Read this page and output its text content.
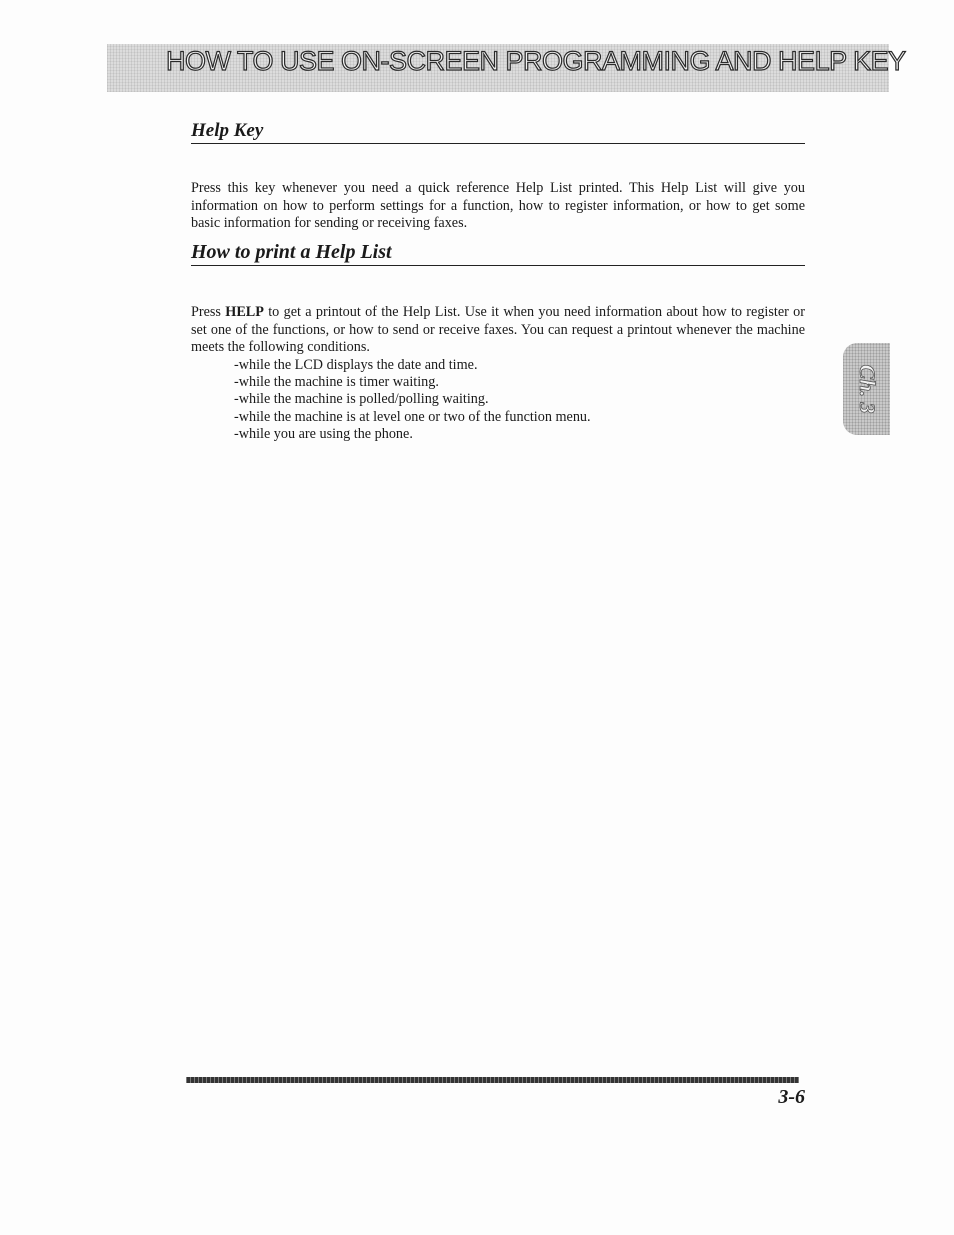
HOW TO USE ON-SCREEN PROGRAMMING AND HELP KEY
Help Key

Press this key whenever you need a quick reference Help List printed. This Help List will give you information on how to perform settings for a function, how to register information, or how to get some basic information for sending or receiving faxes.

How to print a Help List

Press HELP to get a printout of the Help List. Use it when you need information about how to register or set one of the functions, or how to send or receive faxes. You can request a printout whenever the machine meets the following conditions.

-while the LCD displays the date and time.
-while the machine is timer waiting.
-while the machine is polled/polling waiting.
-while the machine is at level one or two of the function menu.
-while you are using the phone.
Ch. 3
3-6
